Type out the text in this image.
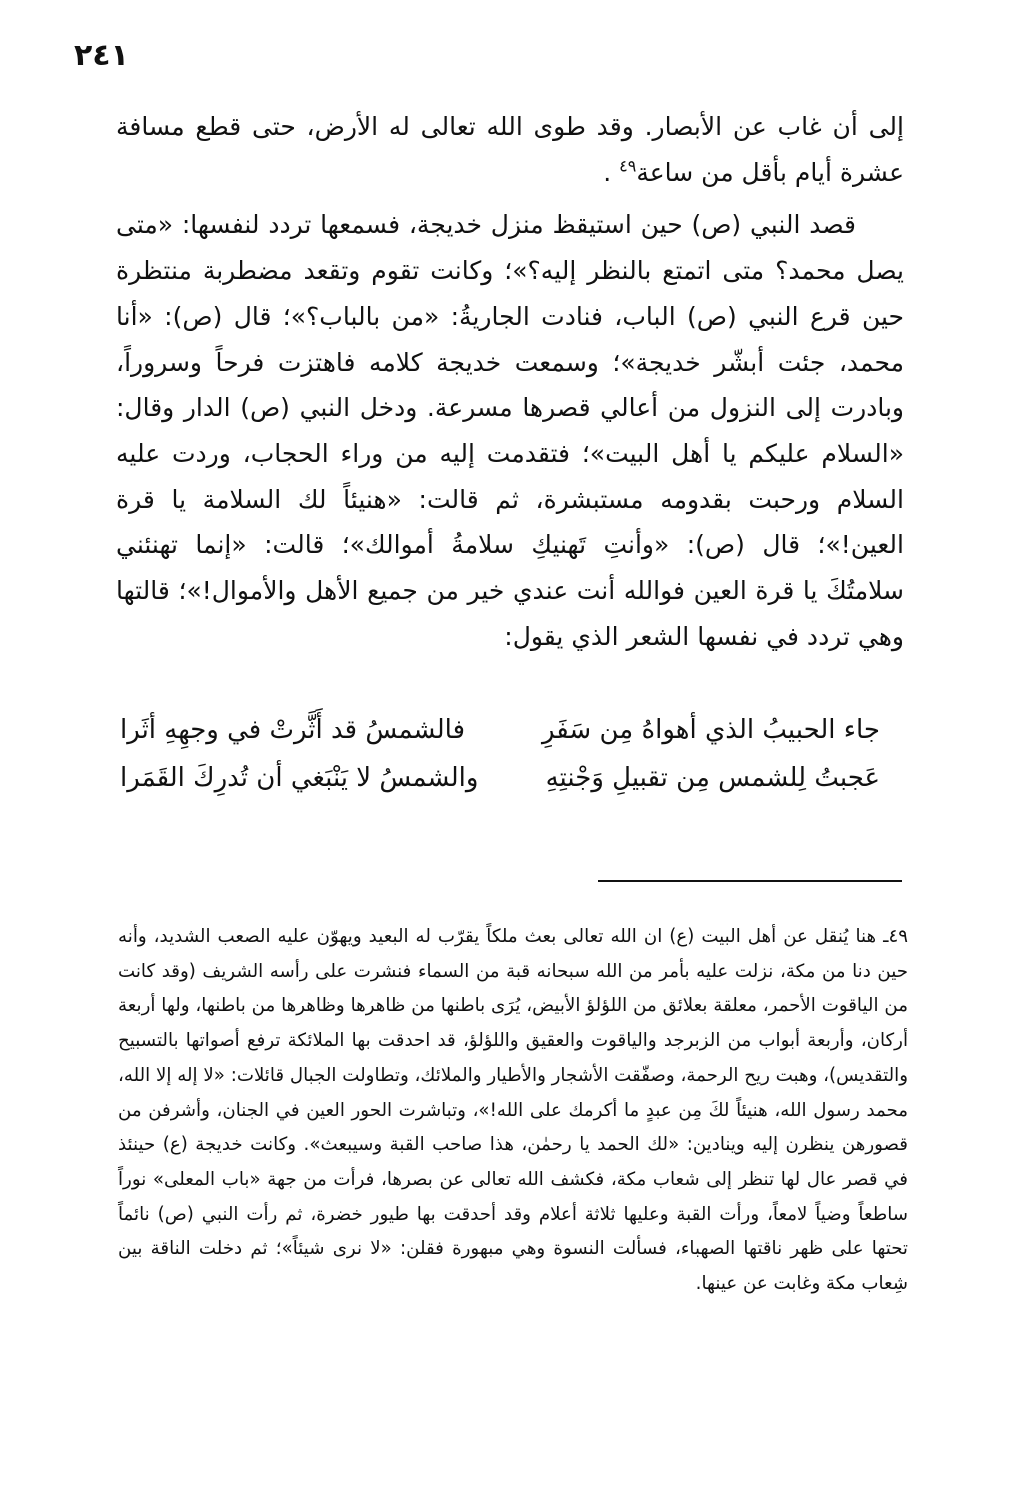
٢٤١

إلى أن غاب عن الأبصار. وقد طوى الله تعالى له الأرض، حتى قطع مسافة عشرة أيام بأقل من ساعة$^{٤٩}$ .

قصد النبي (ص) حين استيقظ منزل خديجة، فسمعها تردد لنفسها: «متى يصل محمد؟ متى اتمتع بالنظر إليه؟»؛ وكانت تقوم وتقعد مضطربة منتظرة حين قرع النبي (ص) الباب، فنادت الجاريةُ: «من بالباب؟»؛ قال (ص): «أنا محمد، جئت أبشّر خديجة»؛ وسمعت خديجة كلامه فاهتزت فرحاً وسروراً، وبادرت إلى النزول من أعالي قصرها مسرعة. ودخل النبي (ص) الدار وقال: «السلام عليكم يا أهل البيت»؛ فتقدمت إليه من وراء الحجاب، وردت عليه السلام ورحبت بقدومه مستبشرة، ثم قالت: «هنيئاً لك السلامة يا قرة العين!»؛ قال (ص): «وأنتِ تَهنيكِ سلامةُ أموالك»؛ قالت: «إنما تهنئني سلامتُكَ يا قرة العين فوالله أنت عندي خير من جميع الأهل والأموال!»؛ قالتها وهي تردد في نفسها الشعر الذي يقول:

جاء الحبيبُ الذي أهواهُ مِن سَفَرِ
فالشمسُ قد أَثَّرتْ في وجهِهِ أثَرا
عَجبتُ لِلشمس مِن تقبيلِ وَجْنتِهِ
والشمسُ لا يَنْبَغي أن تُدرِكَ القَمَرا

٤٩ـ هنا يُنقل عن أهل البيت (ع) ان الله تعالى بعث ملكاً يقرّب له البعيد ويهوّن عليه الصعب الشديد، وأنه حين دنا من مكة، نزلت عليه بأمر من الله سبحانه قبة من السماء فنشرت على رأسه الشريف (وقد كانت من الياقوت الأحمر، معلقة بعلائق من اللؤلؤ الأبيض، يُرَى باطنها من ظاهرها وظاهرها من باطنها، ولها أربعة أركان، وأربعة أبواب من الزبرجد والياقوت والعقيق واللؤلؤ، قد احدقت بها الملائكة ترفع أصواتها بالتسبيح والتقديس)، وهبت ريح الرحمة، وصفّقت الأشجار والأطيار والملائك، وتطاولت الجبال قائلات: «لا إله إلا الله، محمد رسول الله، هنيئاً لكَ مِن عبدٍ ما أكرمك على الله!»، وتباشرت الحور العين في الجنان، وأشرفن من قصورهن ينظرن إليه وينادين: «لك الحمد يا رحمٰن، هذا صاحب القبة وسيبعث». وكانت خديجة (ع) حينئذ في قصر عال لها تنظر إلى شعاب مكة، فكشف الله تعالى عن بصرها، فرأت من جهة «باب المعلى» نوراً ساطعاً وضياً لامعاً، ورأت القبة وعليها ثلاثة أعلام وقد أحدقت بها طيور خضرة، ثم رأت النبي (ص) نائماً تحتها على ظهر ناقتها الصهباء، فسألت النسوة وهي مبهورة فقلن: «لا نرى شيئاً»؛ ثم دخلت الناقة بين شِعاب مكة وغابت عن عينها.
